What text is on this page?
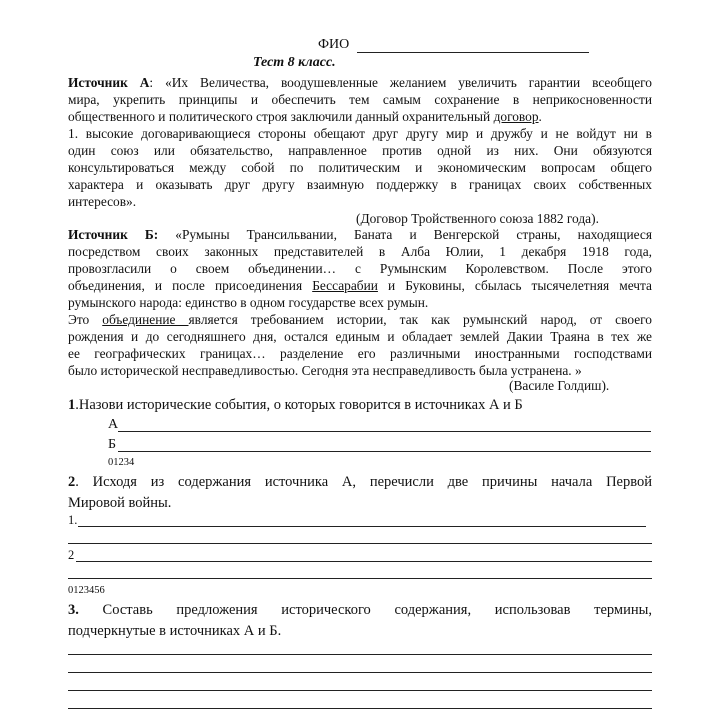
ФИО
Тест 8 класс.
Источник А: «Их Величества, воодушевленные желанием увеличить гарантии всеобщего
мира, укрепить принципы и обеспечить тем самым сохранение в неприкосновенности
общественного и политического строя заключили данный охранительный договор.
1. высокие договаривающиеся стороны обещают друг другу мир и дружбу и не войдут ни в
один союз или обязательство, направленное против одной из них. Они обязуются
консультироваться между собой по политическим и экономическим вопросам общего
характера и оказывать друг другу взаимную поддержку в границах своих собственных
интересов».
(Договор Тройственного союза 1882 года).
Источник Б: «Румыны Трансильвании, Баната и Венгерской страны, находящиеся
посредством своих законных представителей в Алба Юлии, 1 декабря 1918 года,
провозгласили о своем объединении… с Румынским Королевством. После этого
объединения, и после присоединения Бессарабии и Буковины, сбылась тысячелетняя мечта
румынского народа: единство в одном государстве всех румын.
Это объединение является требованием истории, так как румынский народ, от своего
рождения и до сегодняшнего дня, остался единым и обладает землей Дакии Траяна в тех же
ее географических границах… разделение его различными иностранными господствами
было исторической несправедливостью. Сегодня эта несправедливость была устранена. »
(Василе Голдиш).
1.Назови исторические события, о которых говорится в источниках А и Б
А
Б
01234
2. Исходя из содержания источника А, перечисли две причины начала Первой
Мировой войны.
1.
2
0123456
3. Составь предложения исторического содержания, использовав термины,
подчеркнутые в источниках А и Б.
